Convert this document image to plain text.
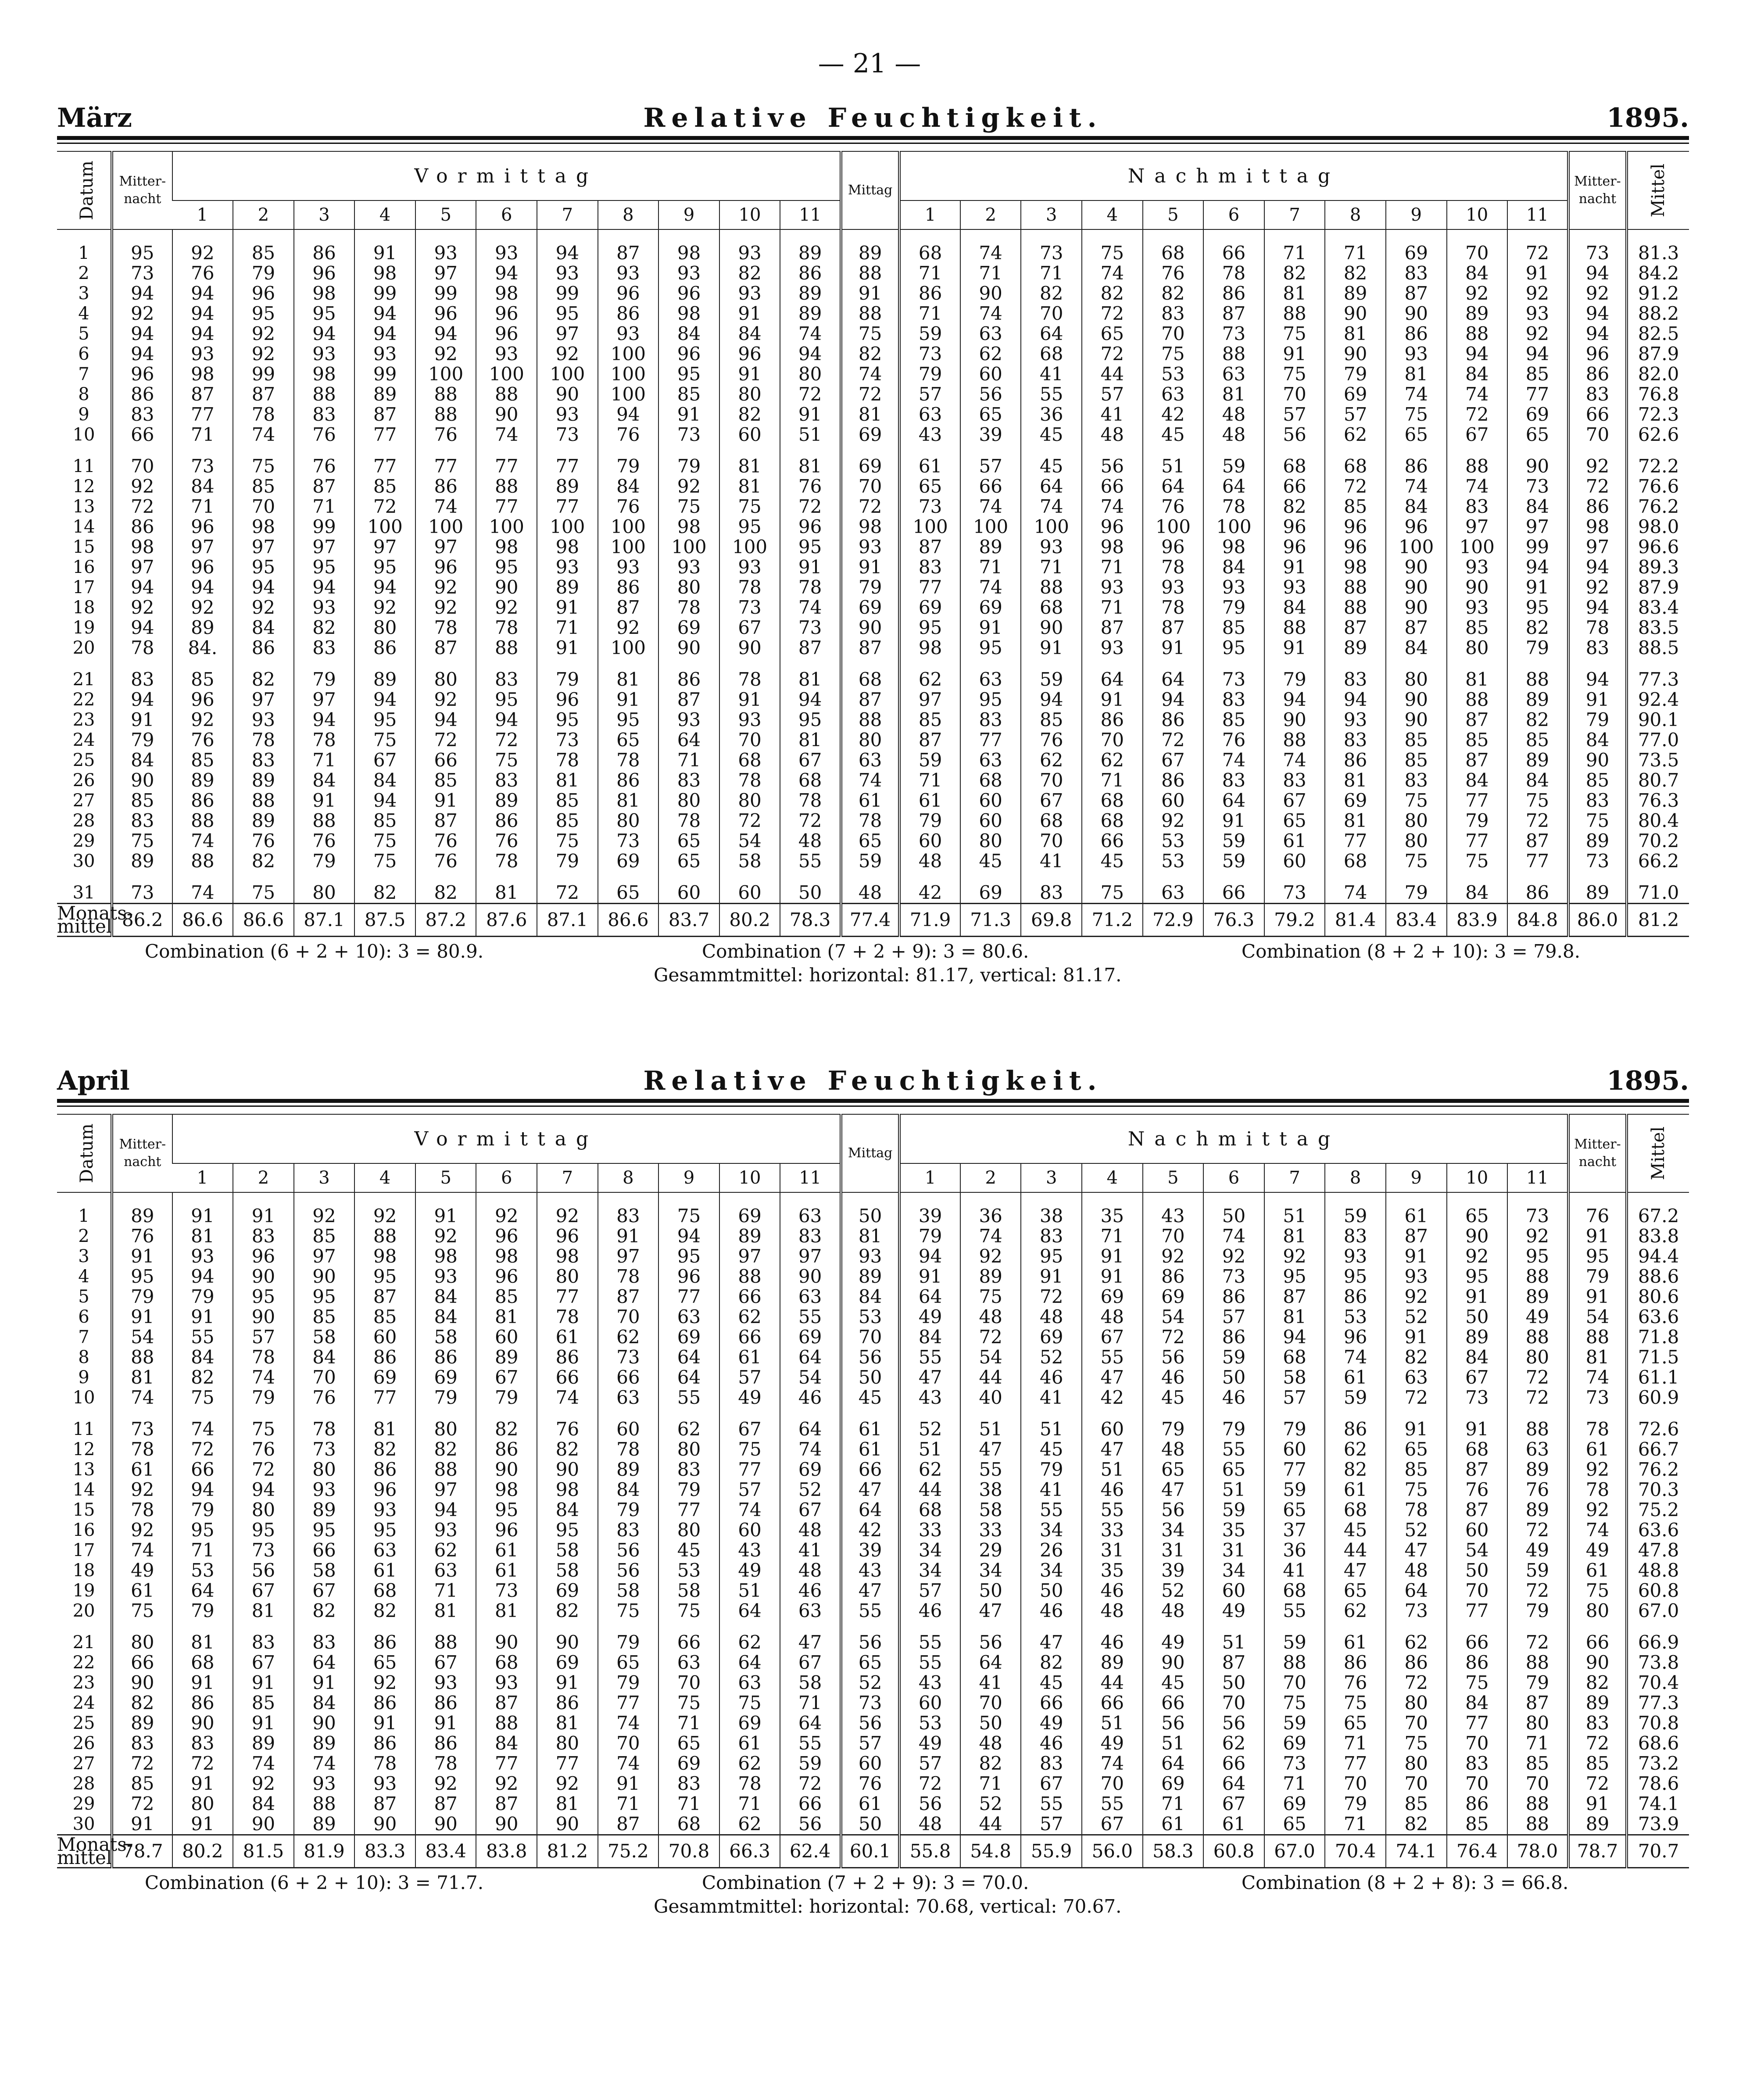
— 21 —
Relative Feuchtigkeit.
März	1895.
Datum	Mitter-nacht	Vormittag											Mittag	Nachmittag											Mitter-nacht	Mittel
		1	2	3	4	5	6	7	8	9	10	11		1	2	3	4	5	6	7	8	9	10	11		
1	95	92	85	86	91	93	93	94	87	98	93	89	89	68	74	73	75	68	66	71	71	69	70	72	73	81.3
2	73	76	79	96	98	97	94	93	93	93	82	86	88	71	71	71	74	76	78	82	82	83	84	91	94	84.2
3	94	94	96	98	99	99	98	99	96	96	93	89	91	86	90	82	82	82	86	81	89	87	92	92	92	91.2
4	92	94	95	95	94	96	96	95	86	98	91	89	88	71	74	70	72	83	87	88	90	90	89	93	94	88.2
5	94	94	92	94	94	94	96	97	93	84	84	74	75	59	63	64	65	70	73	75	81	86	88	92	94	82.5
6	94	93	92	93	93	92	93	92	100	96	96	94	82	73	62	68	72	75	88	91	90	93	94	94	96	87.9
7	96	98	99	98	99	100	100	100	100	95	91	80	74	79	60	41	44	53	63	75	79	81	84	85	86	82.0
8	86	87	87	88	89	88	88	90	100	85	80	72	72	57	56	55	57	63	81	70	69	74	74	77	83	76.8
9	83	77	78	83	87	88	90	93	94	91	82	91	81	63	65	36	41	42	48	57	57	75	72	69	66	72.3
10	66	71	74	76	77	76	74	73	76	73	60	51	69	43	39	45	48	45	48	56	62	65	67	65	70	62.6
11	70	73	75	76	77	77	77	77	79	79	81	81	69	61	57	45	56	51	59	68	68	86	88	90	92	72.2
12	92	84	85	87	85	86	88	89	84	92	81	76	70	65	66	64	66	64	64	66	72	74	74	73	72	76.6
13	72	71	70	71	72	74	77	77	76	75	75	72	72	73	74	74	74	76	78	82	85	84	83	84	86	76.2
14	86	96	98	99	100	100	100	100	100	98	95	96	98	100	100	100	96	100	100	96	96	96	97	97	98	98.0
15	98	97	97	97	97	97	98	98	100	100	100	95	93	87	89	93	98	96	98	96	96	100	100	99	97	96.6
16	97	96	95	95	95	96	95	93	93	93	93	91	91	83	71	71	71	78	84	91	98	90	93	94	94	89.3
17	94	94	94	94	94	92	90	89	86	80	78	78	79	77	74	88	93	93	93	93	88	90	90	91	92	87.9
18	92	92	92	93	92	92	92	91	87	78	73	74	69	69	69	68	71	78	79	84	88	90	93	95	94	83.4
19	94	89	84	82	80	78	78	71	92	69	67	73	90	95	91	90	87	87	85	88	87	87	85	82	78	83.5
20	78	84.	86	83	86	87	88	91	100	90	90	87	87	98	95	91	93	91	95	91	89	84	80	79	83	88.5
21	83	85	82	79	89	80	83	79	81	86	78	81	68	62	63	59	64	64	73	79	83	80	81	88	94	77.3
22	94	96	97	97	94	92	95	96	91	87	91	94	87	97	95	94	91	94	83	94	94	90	88	89	91	92.4
23	91	92	93	94	95	94	94	95	95	93	93	95	88	85	83	85	86	86	85	90	93	90	87	82	79	90.1
24	79	76	78	78	75	72	72	73	65	64	70	81	80	87	77	76	70	72	76	88	83	85	85	85	84	77.0
25	84	85	83	71	67	66	75	78	78	71	68	67	63	59	63	62	62	67	74	74	86	85	87	89	90	73.5
26	90	89	89	84	84	85	83	81	86	83	78	68	74	71	68	70	71	86	83	83	81	83	84	84	85	80.7
27	85	86	88	91	94	91	89	85	81	80	80	78	61	61	60	67	68	60	64	67	69	75	77	75	83	76.3
28	83	88	89	88	85	87	86	85	80	78	72	72	78	79	60	68	68	92	91	65	81	80	79	72	75	80.4
29	75	74	76	76	75	76	76	75	73	65	54	48	65	60	80	70	66	53	59	61	77	80	77	87	89	70.2
30	89	88	82	79	75	76	78	79	69	65	58	55	59	48	45	41	45	53	59	60	68	75	75	77	73	66.2
31	73	74	75	80	82	82	81	72	65	60	60	50	48	42	69	83	75	63	66	73	74	79	84	86	89	71.0
Monats-mittel	86.2	86.6	86.6	87.1	87.5	87.2	87.6	87.1	86.6	83.7	80.2	78.3	77.4	71.9	71.3	69.8	71.2	72.9	76.3	79.2	81.4	83.4	83.9	84.8	86.0	81.2
Combination (6 + 2 + 10): 3 = 80.9.	Combination (7 + 2 + 9): 3 = 80.6.	Combination (8 + 2 + 10): 3 = 79.8.
Gesammtmittel: horizontal: 81.17, vertical: 81.17.
Relative Feuchtigkeit.
April	1895.
Datum	Mitter-nacht	Vormittag											Mittag	Nachmittag											Mitter-nacht	Mittel
		1	2	3	4	5	6	7	8	9	10	11		1	2	3	4	5	6	7	8	9	10	11		
1	89	91	91	92	92	91	92	92	83	75	69	63	50	39	36	38	35	43	50	51	59	61	65	73	76	67.2
2	76	81	83	85	88	92	96	96	91	94	89	83	81	79	74	83	71	70	74	81	83	87	90	92	91	83.8
3	91	93	96	97	98	98	98	98	97	95	97	97	93	94	92	95	91	92	92	92	93	91	92	95	95	94.4
4	95	94	90	90	95	93	96	80	78	96	88	90	89	91	89	91	91	86	73	95	95	93	95	88	79	88.6
5	79	79	95	95	87	84	85	77	87	77	66	63	84	64	75	72	69	69	86	87	86	92	91	89	91	80.6
6	91	91	90	85	85	84	81	78	70	63	62	55	53	49	48	48	48	54	57	81	53	52	50	49	54	63.6
7	54	55	57	58	60	58	60	61	62	69	66	69	70	84	72	69	67	72	86	94	96	91	89	88	88	71.8
8	88	84	78	84	86	86	89	86	73	64	61	64	56	55	54	52	55	56	59	68	74	82	84	80	81	71.5
9	81	82	74	70	69	69	67	66	66	64	57	54	50	47	44	46	47	46	50	58	61	63	67	72	74	61.1
10	74	75	79	76	77	79	79	74	63	55	49	46	45	43	40	41	42	45	46	57	59	72	73	72	73	60.9
11	73	74	75	78	81	80	82	76	60	62	67	64	61	52	51	51	60	79	79	79	86	91	91	88	78	72.6
12	78	72	76	73	82	82	86	82	78	80	75	74	61	51	47	45	47	48	55	60	62	65	68	63	61	66.7
13	61	66	72	80	86	88	90	90	89	83	77	69	66	62	55	79	51	65	65	77	82	85	87	89	92	76.2
14	92	94	94	93	96	97	98	98	84	79	57	52	47	44	38	41	46	47	51	59	61	75	76	76	78	70.3
15	78	79	80	89	93	94	95	84	79	77	74	67	64	68	58	55	55	56	59	65	68	78	87	89	92	75.2
16	92	95	95	95	95	93	96	95	83	80	60	48	42	33	33	34	33	34	35	37	45	52	60	72	74	63.6
17	74	71	73	66	63	62	61	58	56	45	43	41	39	34	29	26	31	31	31	36	44	47	54	49	49	47.8
18	49	53	56	58	61	63	61	58	56	53	49	48	43	34	34	34	35	39	34	41	47	48	50	59	61	48.8
19	61	64	67	67	68	71	73	69	58	58	51	46	47	57	50	50	46	52	60	68	65	64	70	72	75	60.8
20	75	79	81	82	82	81	81	82	75	75	64	63	55	46	47	46	48	48	49	55	62	73	77	79	80	67.0
21	80	81	83	83	86	88	90	90	79	66	62	47	56	55	56	47	46	49	51	59	61	62	66	72	66	66.9
22	66	68	67	64	65	67	68	69	65	63	64	67	65	55	64	82	89	90	87	88	86	86	86	88	90	73.8
23	90	91	91	91	92	93	93	91	79	70	63	58	52	43	41	45	44	45	50	70	76	72	75	79	82	70.4
24	82	86	85	84	86	86	87	86	77	75	75	71	73	60	70	66	66	66	70	75	75	80	84	87	89	77.3
25	89	90	91	90	91	91	88	81	74	71	69	64	56	53	50	49	51	56	56	59	65	70	77	80	83	70.8
26	83	83	89	89	86	86	84	80	70	65	61	55	57	49	48	46	49	51	62	69	71	75	70	71	72	68.6
27	72	72	74	74	78	78	77	77	74	69	62	59	60	57	82	83	74	64	66	73	77	80	83	85	85	73.2
28	85	91	92	93	93	92	92	92	91	83	78	72	76	72	71	67	70	69	64	71	70	70	70	70	72	78.6
29	72	80	84	88	87	87	87	81	71	71	71	66	61	56	52	55	55	71	67	69	79	85	86	88	91	74.1
30	91	91	90	89	90	90	90	90	87	68	62	56	50	48	44	57	67	61	61	65	71	82	85	88	89	73.9
Monats-mittel	78.7	80.2	81.5	81.9	83.3	83.4	83.8	81.2	75.2	70.8	66.3	62.4	60.1	55.8	54.8	55.9	56.0	58.3	60.8	67.0	70.4	74.1	76.4	78.0	78.7	70.7
Combination (6 + 2 + 10): 3 = 71.7.	Combination (7 + 2 + 9): 3 = 70.0.	Combination (8 + 2 + 8): 3 = 66.8.
Gesammtmittel: horizontal: 70.68, vertical: 70.67.
